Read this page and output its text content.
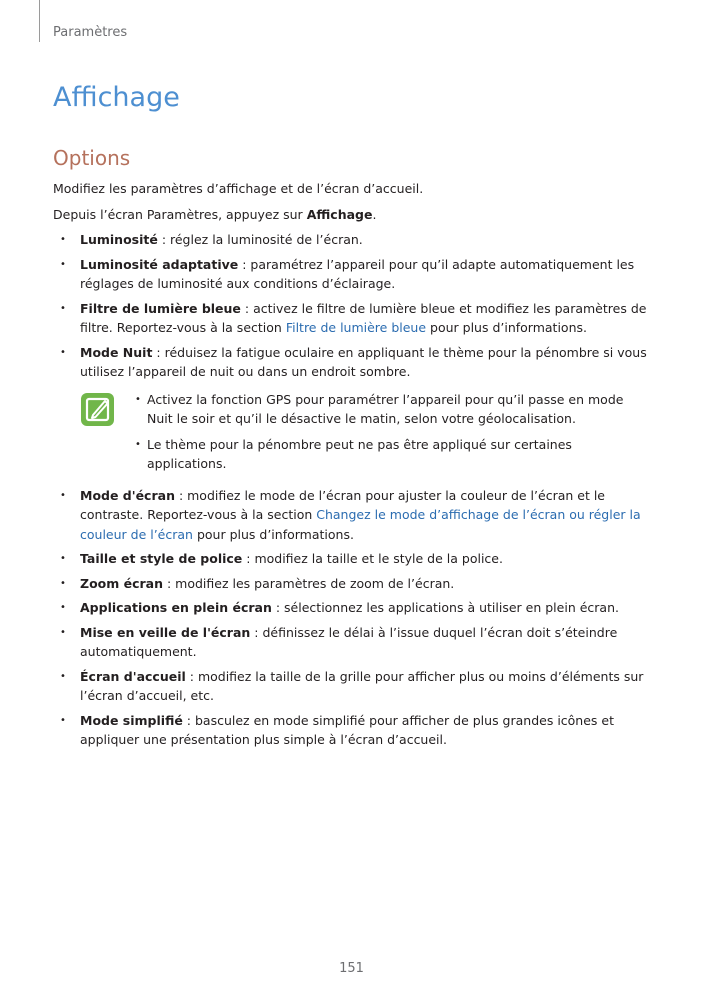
Paramètres
Affichage
Options

Modifiez les paramètres d’affichage et de l’écran d’accueil.

Depuis l’écran Paramètres, appuyez sur Affichage.

• Luminosité : réglez la luminosité de l’écran.
• Luminosité adaptative : paramétrez l’appareil pour qu’il adapte automatiquement les réglages de luminosité aux conditions d’éclairage.
• Filtre de lumière bleue : activez le filtre de lumière bleue et modifiez les paramètres de filtre. Reportez-vous à la section Filtre de lumière bleue pour plus d’informations.
• Mode Nuit : réduisez la fatigue oculaire en appliquant le thème pour la pénombre si vous utilisez l’appareil de nuit ou dans un endroit sombre.
• Activez la fonction GPS pour paramétrer l’appareil pour qu’il passe en mode Nuit le soir et qu’il le désactive le matin, selon votre géolocalisation.
• Le thème pour la pénombre peut ne pas être appliqué sur certaines applications.
• Mode d'écran : modifiez le mode de l’écran pour ajuster la couleur de l’écran et le contraste. Reportez-vous à la section Changez le mode d’affichage de l’écran ou régler la couleur de l’écran pour plus d’informations.
• Taille et style de police : modifiez la taille et le style de la police.
• Zoom écran : modifiez les paramètres de zoom de l’écran.
• Applications en plein écran : sélectionnez les applications à utiliser en plein écran.
• Mise en veille de l'écran : définissez le délai à l’issue duquel l’écran doit s’éteindre automatiquement.
• Écran d'accueil : modifiez la taille de la grille pour afficher plus ou moins d’éléments sur l’écran d’accueil, etc.
• Mode simplifié : basculez en mode simplifié pour afficher de plus grandes icônes et appliquer une présentation plus simple à l’écran d’accueil.
151
